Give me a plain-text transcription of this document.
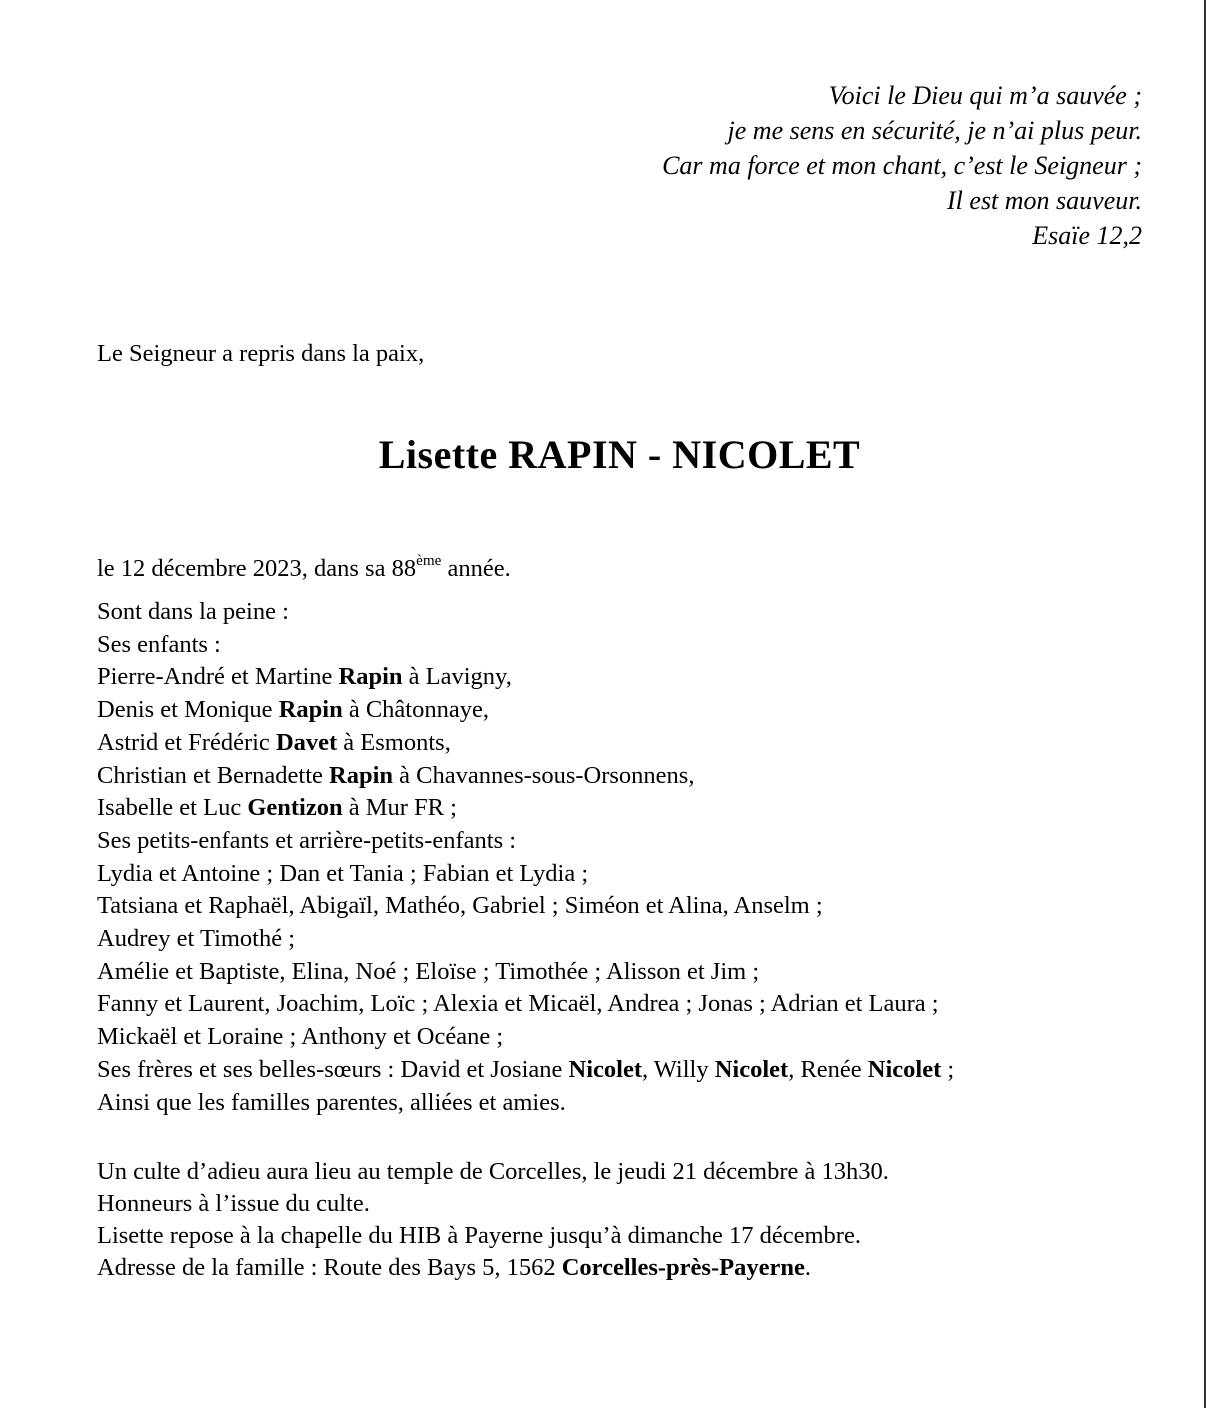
Voici le Dieu qui m’a sauvée ;
je me sens en sécurité, je n’ai plus peur.
Car ma force et mon chant, c’est le Seigneur ;
Il est mon sauveur.
Esaïe 12,2

Le Seigneur a repris dans la paix,

Lisette RAPIN - NICOLET

le 12 décembre 2023, dans sa 88ème année.

Sont dans la peine :
Ses enfants :
Pierre-André et Martine Rapin à Lavigny,
Denis et Monique Rapin à Châtonnaye,
Astrid et Frédéric Davet à Esmonts,
Christian et Bernadette Rapin à Chavannes-sous-Orsonnens,
Isabelle et Luc Gentizon à Mur FR ;
Ses petits-enfants et arrière-petits-enfants :
Lydia et Antoine ; Dan et Tania ; Fabian et Lydia ;
Tatsiana et Raphaël, Abigaïl, Mathéo, Gabriel ; Siméon et Alina, Anselm ;
Audrey et Timothé ;
Amélie et Baptiste, Elina, Noé ; Eloïse ; Timothée ; Alisson et Jim ;
Fanny et Laurent, Joachim, Loïc ; Alexia et Micaël, Andrea ; Jonas ; Adrian et Laura ;
Mickaël et Loraine ; Anthony et Océane ;
Ses frères et ses belles-sœurs : David et Josiane Nicolet, Willy Nicolet, Renée Nicolet ;
Ainsi que les familles parentes, alliées et amies.
Un culte d’adieu aura lieu au temple de Corcelles, le jeudi 21 décembre à 13h30.
Honneurs à l’issue du culte.
Lisette repose à la chapelle du HIB à Payerne jusqu’à dimanche 17 décembre.
Adresse de la famille : Route des Bays 5, 1562 Corcelles-près-Payerne.
